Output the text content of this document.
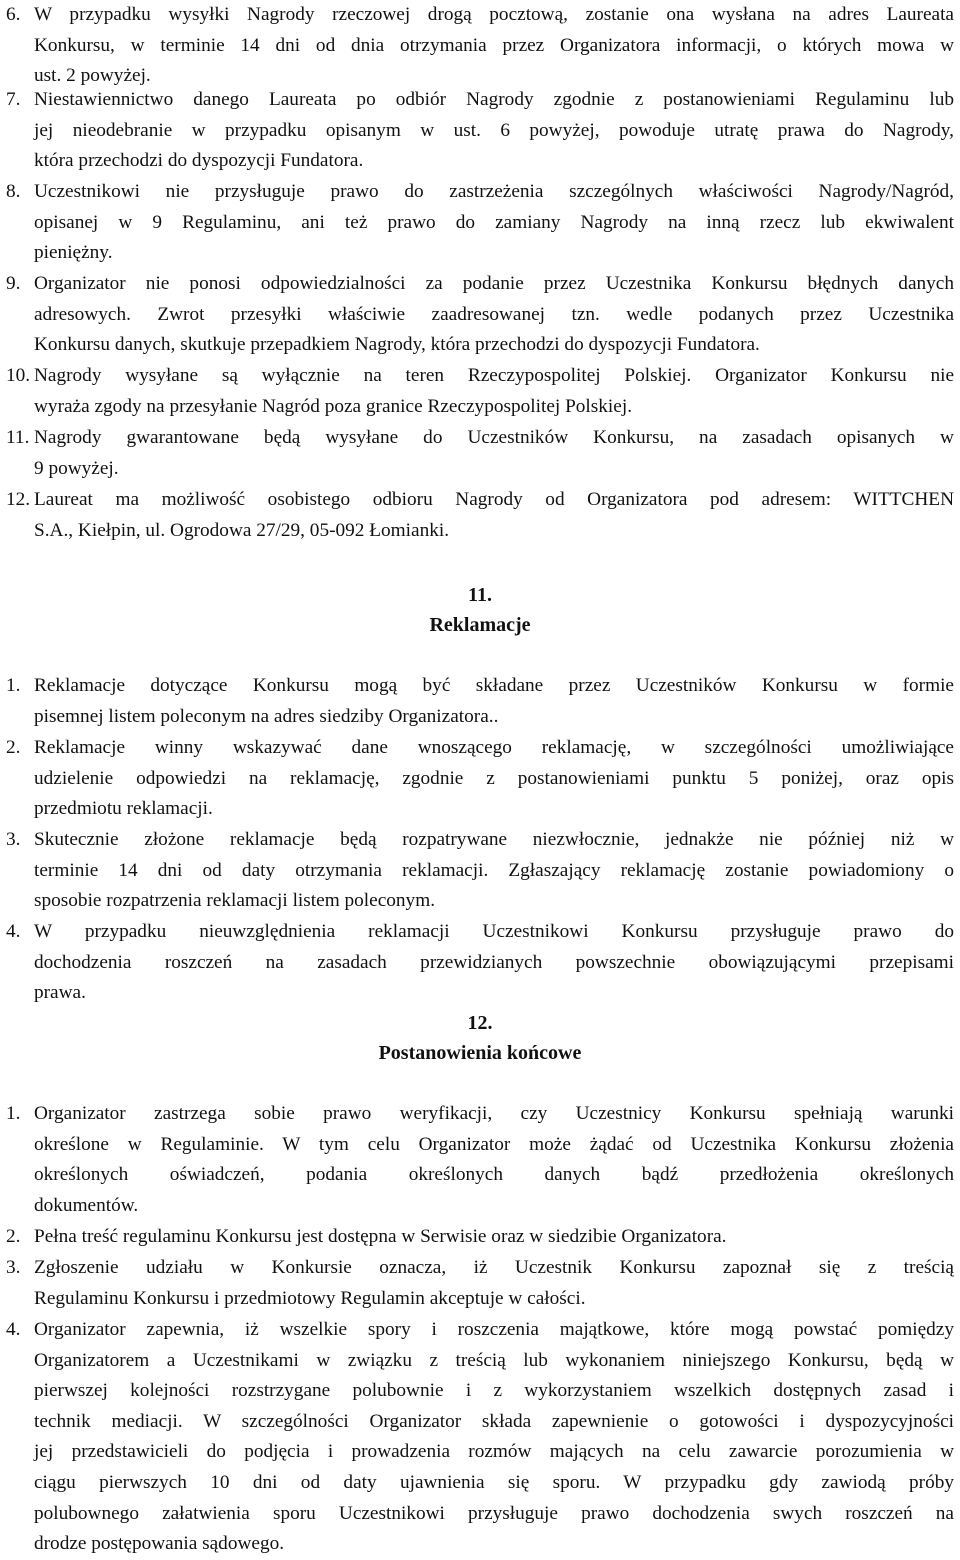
6. W przypadku wysyłki Nagrody rzeczowej drogą pocztową, zostanie ona wysłana na adres Laureata
Konkursu, w terminie 14 dni od dnia otrzymania przez Organizatora informacji, o których mowa w
ust. 2 powyżej.
7. Niestawiennictwo danego Laureata po odbiór Nagrody zgodnie z postanowieniami Regulaminu lub
jej nieodebranie w przypadku opisanym w ust. 6 powyżej, powoduje utratę prawa do Nagrody,
która przechodzi do dyspozycji Fundatora.
8. Uczestnikowi nie przysługuje prawo do zastrzeżenia szczególnych właściwości Nagrody/Nagród,
opisanej w 9 Regulaminu, ani też prawo do zamiany Nagrody na inną rzecz lub ekwiwalent
pieniężny.
9. Organizator nie ponosi odpowiedzialności za podanie przez Uczestnika Konkursu błędnych danych
adresowych. Zwrot przesyłki właściwie zaadresowanej tzn. wedle podanych przez Uczestnika
Konkursu danych, skutkuje przepadkiem Nagrody, która przechodzi do dyspozycji Fundatora.
10. Nagrody wysyłane są wyłącznie na teren Rzeczypospolitej Polskiej. Organizator Konkursu nie
wyraża zgody na przesyłanie Nagród poza granice Rzeczypospolitej Polskiej.
11. Nagrody gwarantowane będą wysyłane do Uczestników Konkursu, na zasadach opisanych w
9 powyżej.
12. Laureat ma możliwość osobistego odbioru Nagrody od Organizatora pod adresem: WITTCHEN
S.A., Kiełpin, ul. Ogrodowa 27/29, 05-092 Łomianki.
11.
Reklamacje
1. Reklamacje dotyczące Konkursu mogą być składane przez Uczestników Konkursu w formie
pisemnej listem poleconym na adres siedziby Organizatora..
2. Reklamacje winny wskazywać dane wnoszącego reklamację, w szczególności umożliwiające
udzielenie odpowiedzi na reklamację, zgodnie z postanowieniami punktu 5 poniżej, oraz opis
przedmiotu reklamacji.
3. Skutecznie złożone reklamacje będą rozpatrywane niezwłocznie, jednakże nie później niż w
terminie 14 dni od daty otrzymania reklamacji. Zgłaszający reklamację zostanie powiadomiony o
sposobie rozpatrzenia reklamacji listem poleconym.
4. W przypadku nieuwzględnienia reklamacji Uczestnikowi Konkursu przysługuje prawo do
dochodzenia roszczeń na zasadach przewidzianych powszechnie obowiązującymi przepisami
prawa.
12.
Postanowienia końcowe
1. Organizator zastrzega sobie prawo weryfikacji, czy Uczestnicy Konkursu spełniają warunki
określone w Regulaminie. W tym celu Organizator może żądać od Uczestnika Konkursu złożenia
określonych oświadczeń, podania określonych danych bądź przedłożenia określonych
dokumentów.
2. Pełna treść regulaminu Konkursu jest dostępna w Serwisie oraz w siedzibie Organizatora.
3. Zgłoszenie udziału w Konkursie oznacza, iż Uczestnik Konkursu zapoznał się z treścią
Regulaminu Konkursu i przedmiotowy Regulamin akceptuje w całości.
4. Organizator zapewnia, iż wszelkie spory i roszczenia majątkowe, które mogą powstać pomiędzy
Organizatorem a Uczestnikami w związku z treścią lub wykonaniem niniejszego Konkursu, będą w
pierwszej kolejności rozstrzygane polubownie i z wykorzystaniem wszelkich dostępnych zasad i
technik mediacji. W szczególności Organizator składa zapewnienie o gotowości i dyspozycyjności
jej przedstawicieli do podjęcia i prowadzenia rozmów mających na celu zawarcie porozumienia w
ciągu pierwszych 10 dni od daty ujawnienia się sporu. W przypadku gdy zawiodą próby
polubownego załatwienia sporu Uczestnikowi przysługuje prawo dochodzenia swych roszczeń na
drodze postępowania sądowego.
